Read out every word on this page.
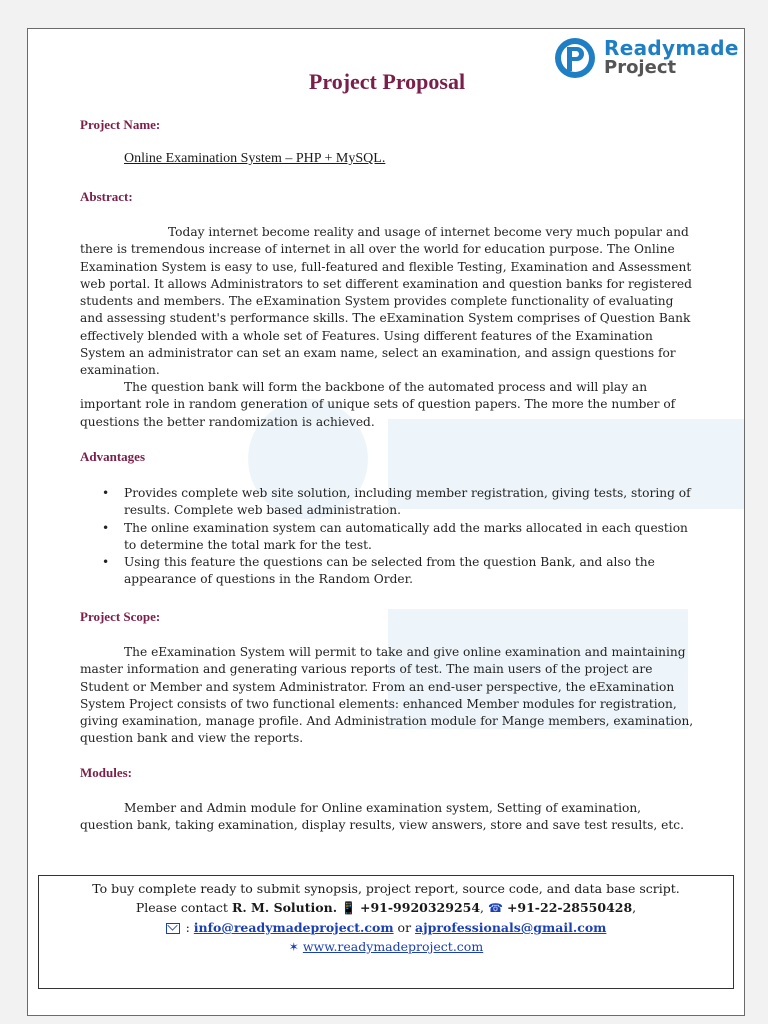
Readymade
Project
Project Proposal
Project Name:
Online Examination System – PHP + MySQL.
Abstract:

Today internet become reality and usage of internet become very much popular and there is tremendous increase of internet in all over the world for education purpose. The Online Examination System is easy to use, full-featured and flexible Testing, Examination and Assessment web portal. It allows Administrators to set different examination and question banks for registered students and members. The eExamination System provides complete functionality of evaluating and assessing student's performance skills. The eExamination System comprises of Question Bank effectively blended with a whole set of Features. Using different features of the Examination System an administrator can set an exam name, select an examination, and assign questions for examination.

The question bank will form the backbone of the automated process and will play an important role in random generation of unique sets of question papers. The more the number of questions the better randomization is achieved.

Advantages
• Provides complete web site solution, including member registration, giving tests, storing of results. Complete web based administration.
• The online examination system can automatically add the marks allocated in each question to determine the total mark for the test.
• Using this feature the questions can be selected from the question Bank, and also the appearance of questions in the Random Order.
Project Scope:

The eExamination System will permit to take and give online examination and maintaining master information and generating various reports of test. The main users of the project are Student or Member and system Administrator. From an end-user perspective, the eExamination System Project consists of two functional elements: enhanced Member modules for registration, giving examination, manage profile. And Administration module for Mange members, examination, question bank and view the reports.

Modules:

Member and Admin module for Online examination system, Setting of examination, question bank, taking examination, display results, view answers, store and save test results, etc.

To buy complete ready to submit synopsis, project report, source code, and data base script.
Please contact R. M. Solution. 📱 +91-9920329254, ☎ +91-22-28550428,
: info@readymadeproject.com or ajprofessionals@gmail.com
✶ www.readymadeproject.com
